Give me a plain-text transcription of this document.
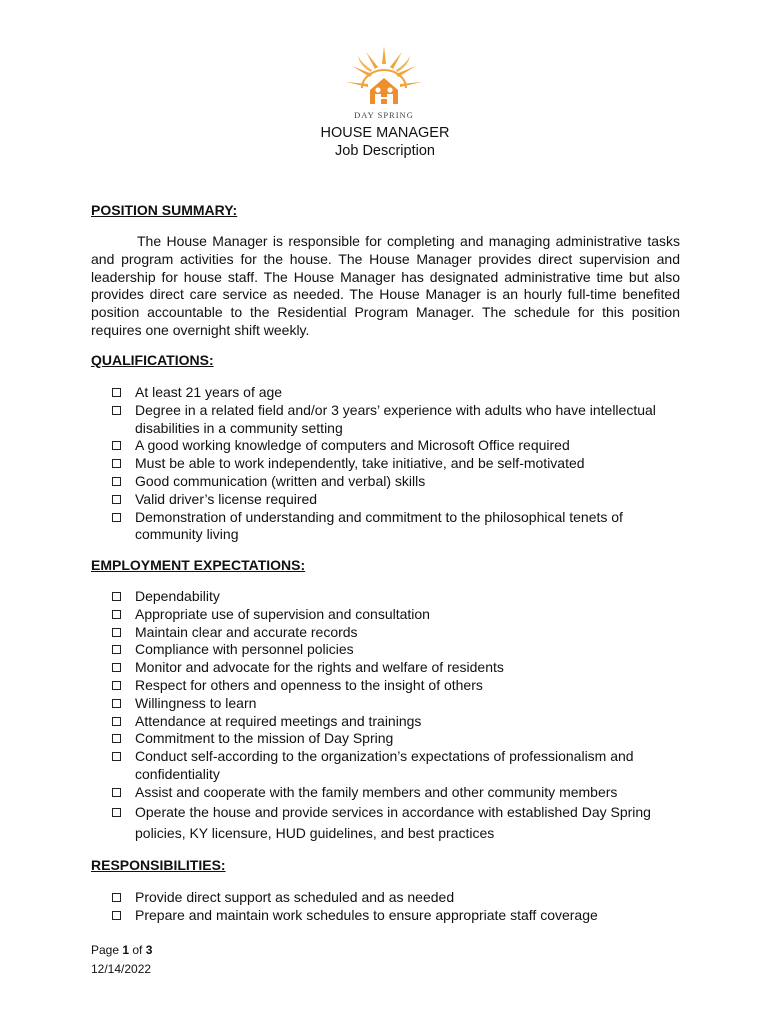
DAY SPRING
HOUSE MANAGER
Job Description
POSITION SUMMARY:
The House Manager is responsible for completing and managing administrative tasks and program activities for the house. The House Manager provides direct supervision and leadership for house staff. The House Manager has designated administrative time but also provides direct care service as needed. The House Manager is an hourly full-time benefited position accountable to the Residential Program Manager. The schedule for this position requires one overnight shift weekly.
QUALIFICATIONS:
At least 21 years of age
Degree in a related field and/or 3 years’ experience with adults who have intellectual disabilities in a community setting
A good working knowledge of computers and Microsoft Office required
Must be able to work independently, take initiative, and be self-motivated
Good communication (written and verbal) skills
Valid driver’s license required
Demonstration of understanding and commitment to the philosophical tenets of community living
EMPLOYMENT EXPECTATIONS:
Dependability
Appropriate use of supervision and consultation
Maintain clear and accurate records
Compliance with personnel policies
Monitor and advocate for the rights and welfare of residents
Respect for others and openness to the insight of others
Willingness to learn
Attendance at required meetings and trainings
Commitment to the mission of Day Spring
Conduct self-according to the organization’s expectations of professionalism and confidentiality
Assist and cooperate with the family members and other community members
Operate the house and provide services in accordance with established Day Spring policies, KY licensure, HUD guidelines, and best practices
RESPONSIBILITIES:
Provide direct support as scheduled and as needed
Prepare and maintain work schedules to ensure appropriate staff coverage
Page 1 of 3
12/14/2022
